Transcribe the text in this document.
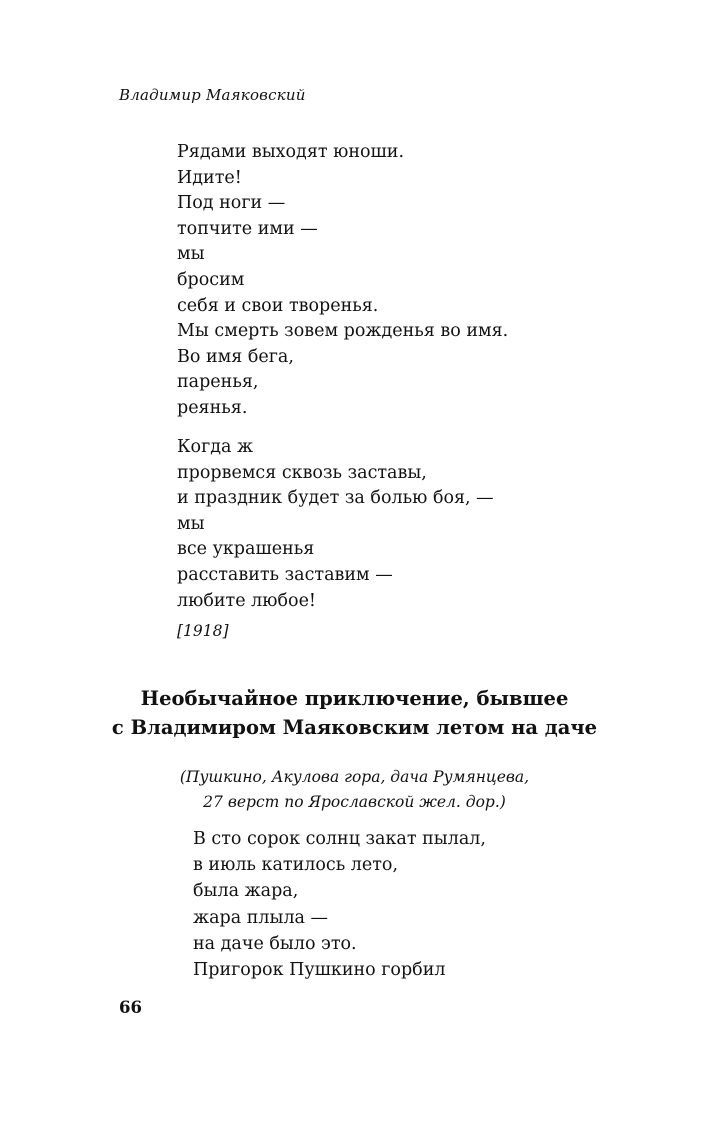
Владимир Маяковский
Рядами выходят юноши.
Идите!
Под ноги —
топчите ими —
мы
бросим
себя и свои творенья.
Мы смерть зовем рожденья во имя.
Во имя бега,
паренья,
реянья.
Когда ж
прорвемся сквозь заставы,
и праздник будет за болью боя, —
мы
все украшенья
расставить заставим —
любите любое!
[1918]
Необычайное приключение, бывшее
с Владимиром Маяковским летом на даче
(Пушкино, Акулова гора, дача Румянцева,
27 верст по Ярославской жел. дор.)
В сто сорок солнц закат пылал,
в июль катилось лето,
была жара,
жара плыла —
на даче было это.
Пригорок Пушкино горбил
66
